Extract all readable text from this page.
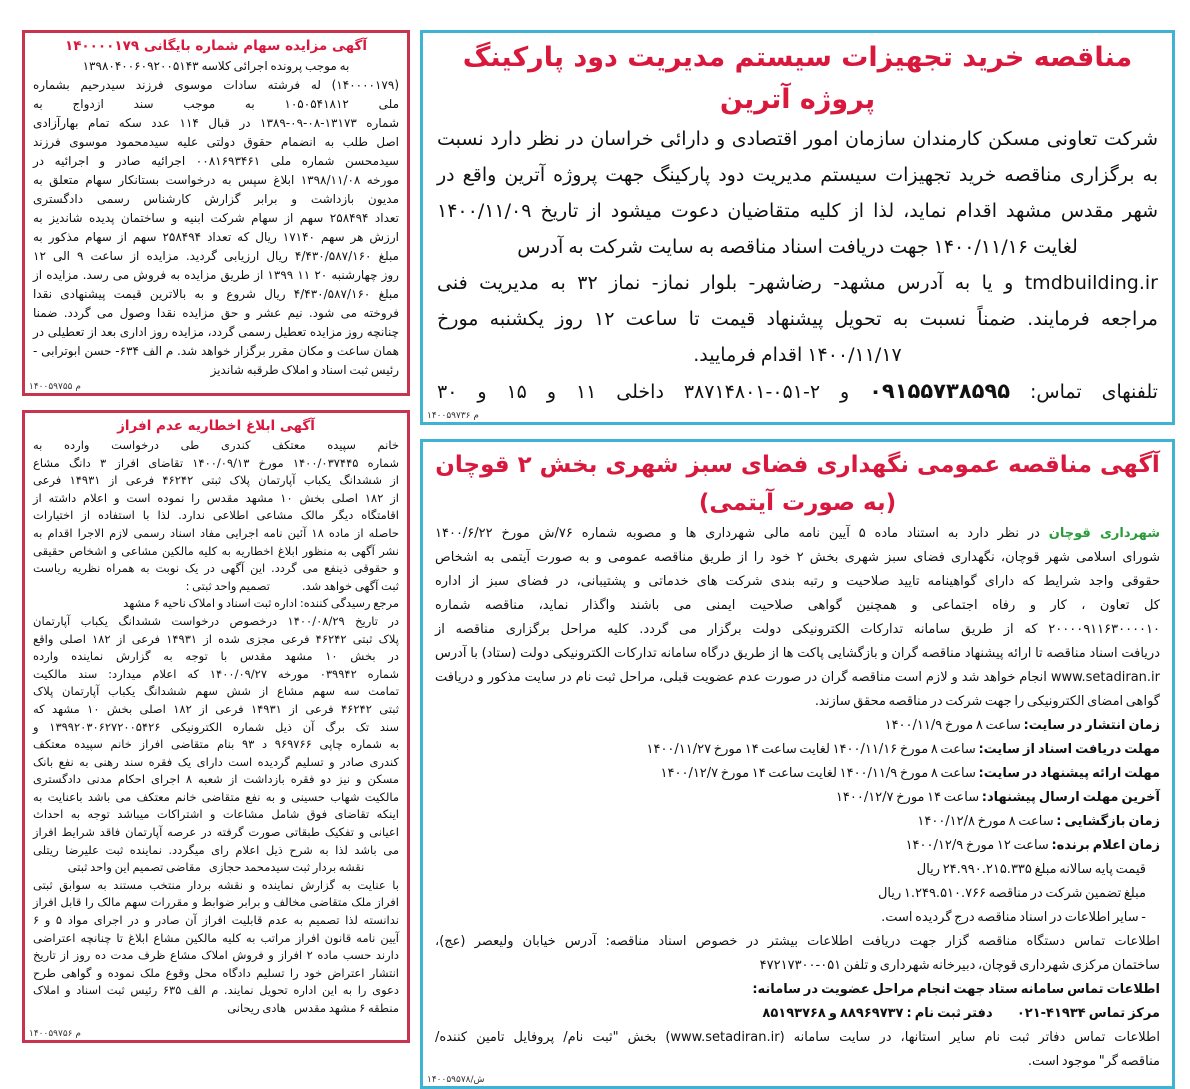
مناقصه خرید تجهیزات سیستم مدیریت دود پارکینگ پروژه آترین
شرکت تعاونی مسکن کارمندان سازمان امور اقتصادی و دارائی خراسان در نظر دارد نسبت
به برگزاری مناقصه خرید تجهیزات سیستم مدیریت دود پارکینگ جهت پروژه آترین واقع در
شهر مقدس مشهد اقدام نماید، لذا از کلیه متقاضیان دعوت میشود از تاریخ ۱۴۰۰/۱۱/۰۹
لغایت ۱۴۰۰/۱۱/۱۶ جهت دریافت اسناد مناقصه به سایت شرکت به آدرس
tmdbuilding.ir و یا به آدرس مشهد- رضاشهر- بلوار نماز- نماز ۳۲ به مدیریت فنی
مراجعه فرمایند. ضمناً نسبت به تحویل پیشنهاد قیمت تا ساعت ۱۲ روز یکشنبه مورخ
۱۴۰۰/۱۱/۱۷ اقدام فرمایید.
تلفنهای تماس: ۰۹۱۵۵۷۳۸۵۹۵ و ۲-۰۵۱-۳۸۷۱۴۸۰۱ داخلی ۱۱ و ۱۵ و ۳۰
۱۴۰۰۵۹۷۳۶ م
آگهی مناقصه عمومی نگهداری فضای سبز شهری بخش ۲ قوچان (به صورت آیتمی)
شهرداری قوچان در نظر دارد به استناد ماده ۵ آیین نامه مالی شهرداری ها و مصوبه شماره ۷۶/ش مورخ ۱۴۰۰/۶/۲۲
شورای اسلامی شهر قوچان، نگهداری فضای سبز شهری بخش ۲ خود را از طریق مناقصه عمومی و به صورت آیتمی به اشخاص
حقوقی واجد شرایط که دارای گواهینامه تایید صلاحیت و رتبه بندی شرکت های خدماتی و پشتیبانی، در فضای سبز از اداره
کل تعاون ، کار و رفاه اجتماعی و همچنین گواهی صلاحیت ایمنی می باشند واگذار نماید، مناقصه شماره
۲۰۰۰۰۹۱۱۶۳۰۰۰۰۱۰ که از طریق سامانه تدارکات الکترونیکی دولت برگزار می گردد. کلیه مراحل برگزاری مناقصه از
دریافت اسناد مناقصه تا ارائه پیشنهاد مناقصه گران و بازگشایی پاکت ها از طریق درگاه سامانه تدارکات الکترونیکی دولت (ستاد) با آدرس
www.setadiran.ir انجام خواهد شد و لازم است مناقصه گران در صورت عدم عضویت قبلی، مراحل ثبت نام در سایت مذکور و دریافت
گواهی امضای الکترونیکی را جهت شرکت در مناقصه محقق سازند.
زمان انتشار در سایت: ساعت ۸ مورخ ۱۴۰۰/۱۱/۹
مهلت دریافت اسناد از سایت: ساعت ۸ مورخ ۱۴۰۰/۱۱/۱۶ لغایت ساعت ۱۴ مورخ ۱۴۰۰/۱۱/۲۷
مهلت ارائه پیشنهاد در سایت: ساعت ۸ مورخ ۱۴۰۰/۱۱/۹ لغایت ساعت ۱۴ مورخ ۱۴۰۰/۱۲/۷
آخرین مهلت ارسال پیشنهاد: ساعت ۱۴ مورخ ۱۴۰۰/۱۲/۷
زمان بازگشایی : ساعت ۸ مورخ ۱۴۰۰/۱۲/۸
زمان اعلام برنده: ساعت ۱۲ مورخ ۱۴۰۰/۱۲/۹
قیمت پایه سالانه مبلغ ۲۴.۹۹۰.۲۱۵.۳۳۵ ریال
مبلغ تضمین شرکت در مناقصه ۱.۲۴۹.۵۱۰.۷۶۶ ریال
- سایر اطلاعات در اسناد مناقصه درج گردیده است.
اطلاعات تماس دستگاه مناقصه گزار جهت دریافت اطلاعات بیشتر در خصوص اسناد مناقصه: آدرس خیابان ولیعصر (عج)،
ساختمان مرکزی شهرداری قوچان، دبیرخانه شهرداری و تلفن ۰۵۱-۴۷۲۱۷۳۰۰
اطلاعات تماس سامانه ستاد جهت انجام مراحل عضویت در سامانه:
مرکز تماس ۴۱۹۳۴-۰۲۱        دفتر ثبت نام : ۸۸۹۶۹۷۳۷ و ۸۵۱۹۳۷۶۸
اطلاعات تماس دفاتر ثبت نام سایر استانها، در سایت سامانه (www.setadiran.ir) بخش "ثبت نام/ پروفایل تامین کننده/
مناقصه گر" موجود است.
۱۴۰۰۵۹۵۷۸/ش
آگهی مزایده سهام شماره بایگانی ۱۴۰۰۰۰۱۷۹
به موجب پرونده اجرائی کلاسه ۱۳۹۸۰۴۰۰۶۰۹۲۰۰۵۱۴۳
(۱۴۰۰۰۰۱۷۹) له فرشته سادات موسوی فرزند سیدرحیم بشماره
ملی ۱۰۵۰۵۴۱۸۱۲ به موجب سند ازدواج به
شماره ۱۳۱۷۳-۰۸-۰۹-۱۳۸۹ در قبال ۱۱۴ عدد سکه تمام بهارآزادی
اصل طلب به انضمام حقوق دولتی علیه سیدمحمود موسوی فرزند
سیدمحسن شماره ملی ۰۰۸۱۶۹۳۴۶۱ اجرائیه صادر و اجرائیه در
مورخه ۱۳۹۸/۱۱/۰۸ ابلاغ سپس به درخواست بستانکار سهام متعلق به
مدیون بازداشت و برابر گزارش کارشناس رسمی دادگستری
تعداد ۲۵۸۴۹۴ سهم از سهام شرکت ابنیه و ساختمان پدیده شاندیز به
ارزش هر سهم ۱۷۱۴۰ ریال که تعداد ۲۵۸۴۹۴ سهم از سهام مذکور به
مبلغ ۴/۴۳۰/۵۸۷/۱۶۰ ریال ارزیابی گردید. مزایده از ساعت ۹ الی ۱۲
روز چهارشنبه ۲۰ ۱۱ ۱۳۹۹ از طریق مزایده به فروش می رسد. مزایده از
مبلغ ۴/۴۳۰/۵۸۷/۱۶۰ ریال شروع و به بالاترین قیمت پیشنهادی نقدا
فروخته می شود. نیم عشر و حق مزایده نقدا وصول می گردد. ضمنا
چنانچه روز مزایده تعطیل رسمی گردد، مزایده روز اداری بعد از تعطیلی در
همان ساعت و مکان مقرر برگزار خواهد شد. م الف ۶۳۴- حسن ابوترابی -
رئیس ثبت اسناد و املاک طرقبه شاندیز
م ۱۴۰۰۵۹۷۵۵
آگهی ابلاغ اخطاریه عدم افراز
خانم سپیده معتکف کندری طی درخواست وارده به
شماره ۱۴۰۰/۰۳۷۴۴۵ مورخ ۱۴۰۰/۰۹/۱۳ تقاضای افراز ۳ دانگ مشاع
از ششدانگ یکباب آپارتمان پلاک ثبتی ۴۶۲۴۲ فرعی از ۱۴۹۳۱ فرعی
از ۱۸۲ اصلی بخش ۱۰ مشهد مقدس را نموده است و اعلام داشته از
اقامتگاه دیگر مالک مشاعی اطلاعی ندارد. لذا با استفاده از اختیارات
حاصله از ماده ۱۸ آئین نامه اجرایی مفاد اسناد رسمی لازم الاجرا اقدام به
نشر آگهی به منظور ابلاغ اخطاریه به کلیه مالکین مشاعی و اشخاص حقیقی
و حقوقی ذینفع می گردد. این آگهی در یک نوبت به همراه نظریه ریاست
ثبت آگهی خواهد شد.            تصمیم واحد ثبتی :
مرجع رسیدگی کننده: اداره ثبت اسناد و املاک ناحیه ۶ مشهد
در تاریخ ۱۴۰۰/۰۸/۲۹ درخصوص درخواست ششدانگ یکباب آپارتمان
پلاک ثبتی ۴۶۲۴۲ فرعی مجزی شده از ۱۴۹۳۱ فرعی از ۱۸۲ اصلی واقع
در بخش ۱۰ مشهد مقدس با توجه به گزارش نماینده وارده
شماره ۰۳۹۹۴۲ مورخه ۱۴۰۰/۰۹/۲۷ که اعلام میدارد: سند مالکیت
تمامت سه سهم مشاع از شش سهم ششدانگ یکباب آپارتمان پلاک
ثبتی ۴۶۲۴۲ فرعی از ۱۴۹۳۱ فرعی از ۱۸۲ اصلی بخش ۱۰ مشهد که
سند تک برگ آن ذیل شماره الکترونیکی ۱۳۹۹۲۰۳۰۶۲۷۲۰۰۵۴۲۶ و
به شماره چاپی ۹۶۹۷۶۶ د ۹۳ بنام متقاضی افراز خانم سپیده معتکف
کندری صادر و تسلیم گردیده است دارای یک فقره سند رهنی به نفع بانک
مسکن و نیز دو فقره بازداشت از شعبه ۸ اجرای احکام مدنی دادگستری
مالکیت شهاب حسینی و به نفع متقاضی خانم معتکف می باشد باعنایت به
اینکه تقاضای فوق شامل مشاعات و اشتراکات میباشد توجه به احداث
اعیانی و تفکیک طبقاتی صورت گرفته در عرصه آپارتمان فاقد شرایط افراز
می باشد لذا به شرح ذیل اعلام رای میگردد. نماینده ثبت علیرضا ریتلی
نقشه بردار ثبت سیدمحمد حجازی   مقاضی تصمیم این واحد ثبتی
با عنایت به گزارش نماینده و نقشه بردار منتخب مستند به سوابق ثبتی
افراز ملک متقاضی مخالف و برابر ضوابط و مقررات سهم مالک را قابل افراز
ندانسته لذا تصمیم به عدم قابلیت افراز آن صادر و در اجرای مواد ۵ و ۶
آیین نامه قانون افراز مراتب به کلیه مالکین مشاع ابلاغ تا چنانچه اعتراضی
دارند حسب ماده ۲ افراز و فروش املاک مشاع ظرف مدت ده روز از تاریخ
انتشار اعتراض خود را تسلیم دادگاه محل وقوع ملک نموده و گواهی طرح
دعوی را به این اداره تحویل نمایند. م الف ۶۳۵ رئیس ثبت اسناد و املاک
منطقه ۶ مشهد مقدس   هادی ریحانی
م ۱۴۰۰۵۹۷۵۶
